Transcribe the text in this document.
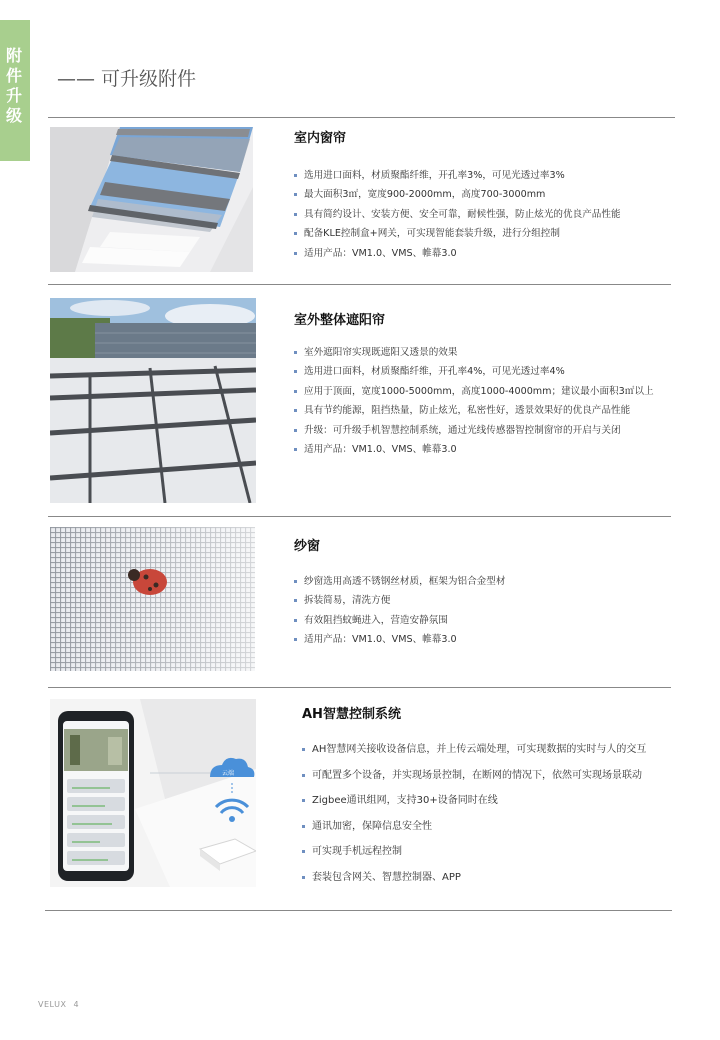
附
件
升
级
—— 可升级附件
室内窗帘
选用进口面料，材质聚酯纤维，开孔率3%，可见光透过率3%
最大面积3㎡，宽度900-2000mm，高度700-3000mm
具有简约设计、安装方便、安全可靠，耐候性强，防止炫光的优良产品性能
配备KLE控制盒+网关，可实现智能套装升级，进行分组控制
适用产品：VM1.0、VMS、帷幕3.0
室外整体遮阳帘
室外遮阳帘实现既遮阳又透景的效果
选用进口面料，材质聚酯纤维，开孔率4%，可见光透过率4%
应用于顶面，宽度1000-5000mm，高度1000-4000mm；建议最小面积3㎡以上
具有节约能源，阻挡热量，防止炫光，私密性好，透景效果好的优良产品性能
升级：可升级手机智慧控制系统，通过光线传感器智控制窗帘的开启与关闭
适用产品：VM1.0、VMS、帷幕3.0
纱窗
纱窗选用高透不锈钢丝材质，框架为铝合金型材
拆装简易，清洗方便
有效阻挡蚊蝇进入，营造安静氛围
适用产品：VM1.0、VMS、帷幕3.0
云端
AH智慧控制系统
AH智慧网关接收设备信息，并上传云端处理，可实现数据的实时与人的交互
可配置多个设备，并实现场景控制，在断网的情况下，依然可实现场景联动
Zigbee通讯组网，支持30+设备同时在线
通讯加密，保障信息安全性
可实现手机远程控制
套装包含网关、智慧控制器、APP
VELUX 4
